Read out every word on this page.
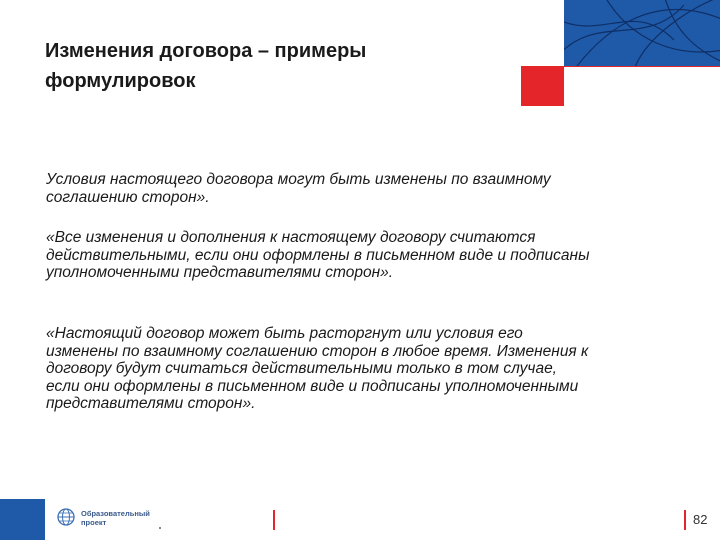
Изменения договора – примеры
формулировок
Условия настоящего договора могут быть изменены по взаимному
соглашению сторон».
«Все изменения и дополнения к настоящему договору считаются
действительными, если они оформлены в письменном виде и подписаны
уполномоченными представителями сторон».
«Настоящий договор может быть расторгнут или условия его
изменены по взаимному соглашению сторон в любое время. Изменения к
договору будут считаться действительными только в том случае,
если они оформлены в письменном виде и подписаны уполномоченными
представителями сторон».
Образовательный
проект	82
